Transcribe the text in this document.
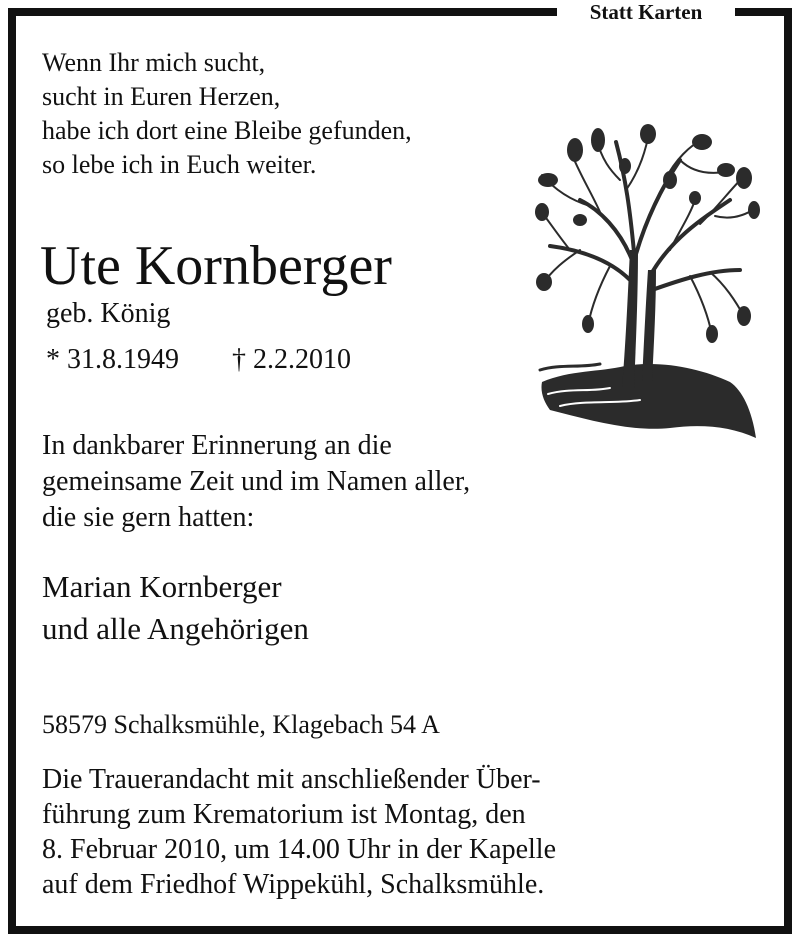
Statt Karten
Wenn Ihr mich sucht,
sucht in Euren Herzen,
habe ich dort eine Bleibe gefunden,
so lebe ich in Euch weiter.
Ute Kornberger
geb. König
* 31.8.1949 † 2.2.2010
In dankbarer Erinnerung an die
gemeinsame Zeit und im Namen aller,
die sie gern hatten:
Marian Kornberger
und alle Angehörigen
58579 Schalksmühle, Klagebach 54 A
Die Trauerandacht mit anschließender Über-
führung zum Krematorium ist Montag, den
8. Februar 2010, um 14.00 Uhr in der Kapelle
auf dem Friedhof Wippekühl, Schalksmühle.
